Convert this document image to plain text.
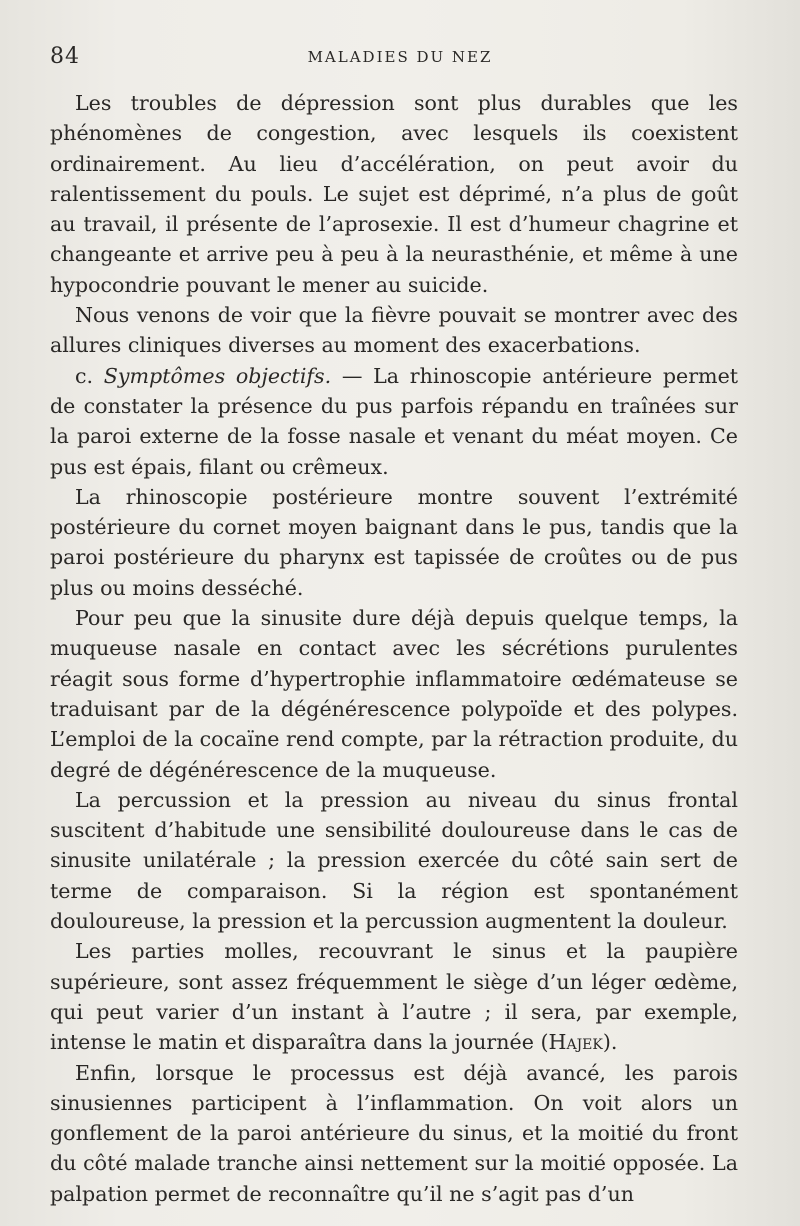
84	MALADIES DU NEZ

Les troubles de dépression sont plus durables que les phénomènes de congestion, avec lesquels ils coexistent ordinairement. Au lieu d’accélération, on peut avoir du ralentissement du pouls. Le sujet est déprimé, n’a plus de goût au travail, il présente de l’aprosexie. Il est d’humeur chagrine et changeante et arrive peu à peu à la neurasthénie, et même à une hypocondrie pouvant le mener au suicide.

Nous venons de voir que la fièvre pouvait se montrer avec des allures cliniques diverses au moment des exacerbations.

c. Symptômes objectifs. — La rhinoscopie antérieure permet de constater la présence du pus parfois répandu en traînées sur la paroi externe de la fosse nasale et venant du méat moyen. Ce pus est épais, filant ou crêmeux.

La rhinoscopie postérieure montre souvent l’extrémité postérieure du cornet moyen baignant dans le pus, tandis que la paroi postérieure du pharynx est tapissée de croûtes ou de pus plus ou moins desséché.

Pour peu que la sinusite dure déjà depuis quelque temps, la muqueuse nasale en contact avec les sécrétions purulentes réagit sous forme d’hypertrophie inflammatoire œdémateuse se traduisant par de la dégénérescence polypoïde et des polypes. L’emploi de la cocaïne rend compte, par la rétraction produite, du degré de dégénérescence de la muqueuse.

La percussion et la pression au niveau du sinus frontal suscitent d’habitude une sensibilité douloureuse dans le cas de sinusite unilatérale ; la pression exercée du côté sain sert de terme de comparaison. Si la région est spontanément douloureuse, la pression et la percussion augmentent la douleur.

Les parties molles, recouvrant le sinus et la paupière supérieure, sont assez fréquemment le siège d’un léger œdème, qui peut varier d’un instant à l’autre ; il sera, par exemple, intense le matin et disparaîtra dans la journée (Hajek).

Enfin, lorsque le processus est déjà avancé, les parois sinusiennes participent à l’inflammation. On voit alors un gonflement de la paroi antérieure du sinus, et la moitié du front du côté malade tranche ainsi nettement sur la moitié opposée. La palpation permet de reconnaître qu’il ne s’agit pas d’un
